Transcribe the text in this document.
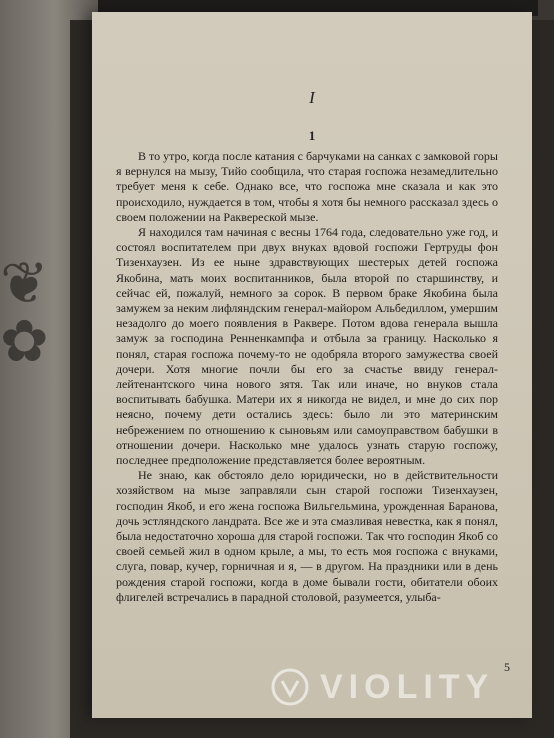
❦
✿
I
1

В то утро, когда после катания с барчуками на санках с замковой горы я вернулся на мызу, Тийо сообщила, что старая госпожа незамедлительно требует меня к себе. Однако все, что госпожа мне сказала и как это происходило, нуждается в том, чтобы я хотя бы немного рассказал здесь о своем положении на Раквереской мызе.

Я находился там начиная с весны 1764 года, следовательно уже год, и состоял воспитателем при двух внуках вдовой госпожи Гертруды фон Тизенхаузен. Из ее ныне здравствующих шестерых детей госпожа Якобина, мать моих воспитанников, была второй по старшинству, и сейчас ей, пожалуй, немного за сорок. В первом браке Якобина была замужем за неким лифляндским генерал-майором Альбедиллом, умершим незадолго до моего появления в Раквере. Потом вдова генерала вышла замуж за господина Ренненкампфа и отбыла за границу. Насколько я понял, старая госпожа почему-то не одобряла второго замужества своей дочери. Хотя многие почли бы его за счастье ввиду генерал-лейтенантского чина нового зятя. Так или иначе, но внуков стала воспитывать бабушка. Матери их я никогда не видел, и мне до сих пор неясно, почему дети остались здесь: было ли это материнским небрежением по отношению к сыновьям или самоуправством бабушки в отношении дочери. Насколько мне удалось узнать старую госпожу, последнее предположение представляется более вероятным.

Не знаю, как обстояло дело юридически, но в действительности хозяйством на мызе заправляли сын старой госпожи Тизенхаузен, господин Якоб, и его жена госпожа Вильгельмина, урожденная Баранова, дочь эстляндского ландрата. Все же и эта смазливая невестка, как я понял, была недостаточно хороша для старой госпожи. Так что господин Якоб со своей семьей жил в одном крыле, а мы, то есть моя госпожа с внуками, слуга, повар, кучер, горничная и я, — в другом. На праздники или в день рождения старой госпожи, когда в доме бывали гости, обитатели обоих флигелей встречались в парадной столовой, разумеется, улыба-

5
VIOLITY
